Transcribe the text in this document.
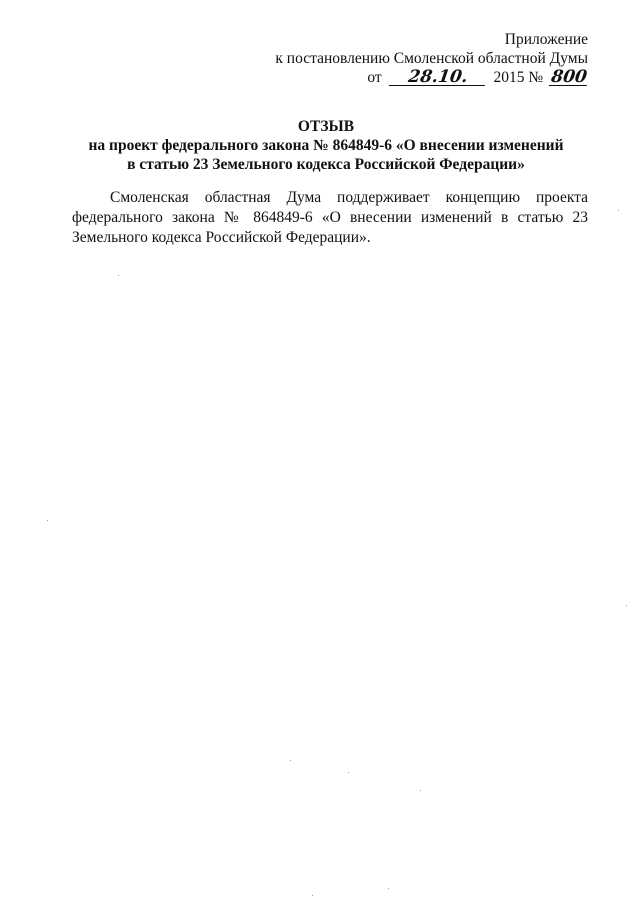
Приложение
к постановлению Смоленской областной Думы
от 28.10. 2015 № 800
ОТЗЫВ
на проект федерального закона № 864849-6 «О внесении изменений
в статью 23 Земельного кодекса Российской Федерации»
Смоленская областная Дума поддерживает концепцию проекта федерального закона № 864849-6 «О внесении изменений в статью 23 Земельного кодекса Российской Федерации».
